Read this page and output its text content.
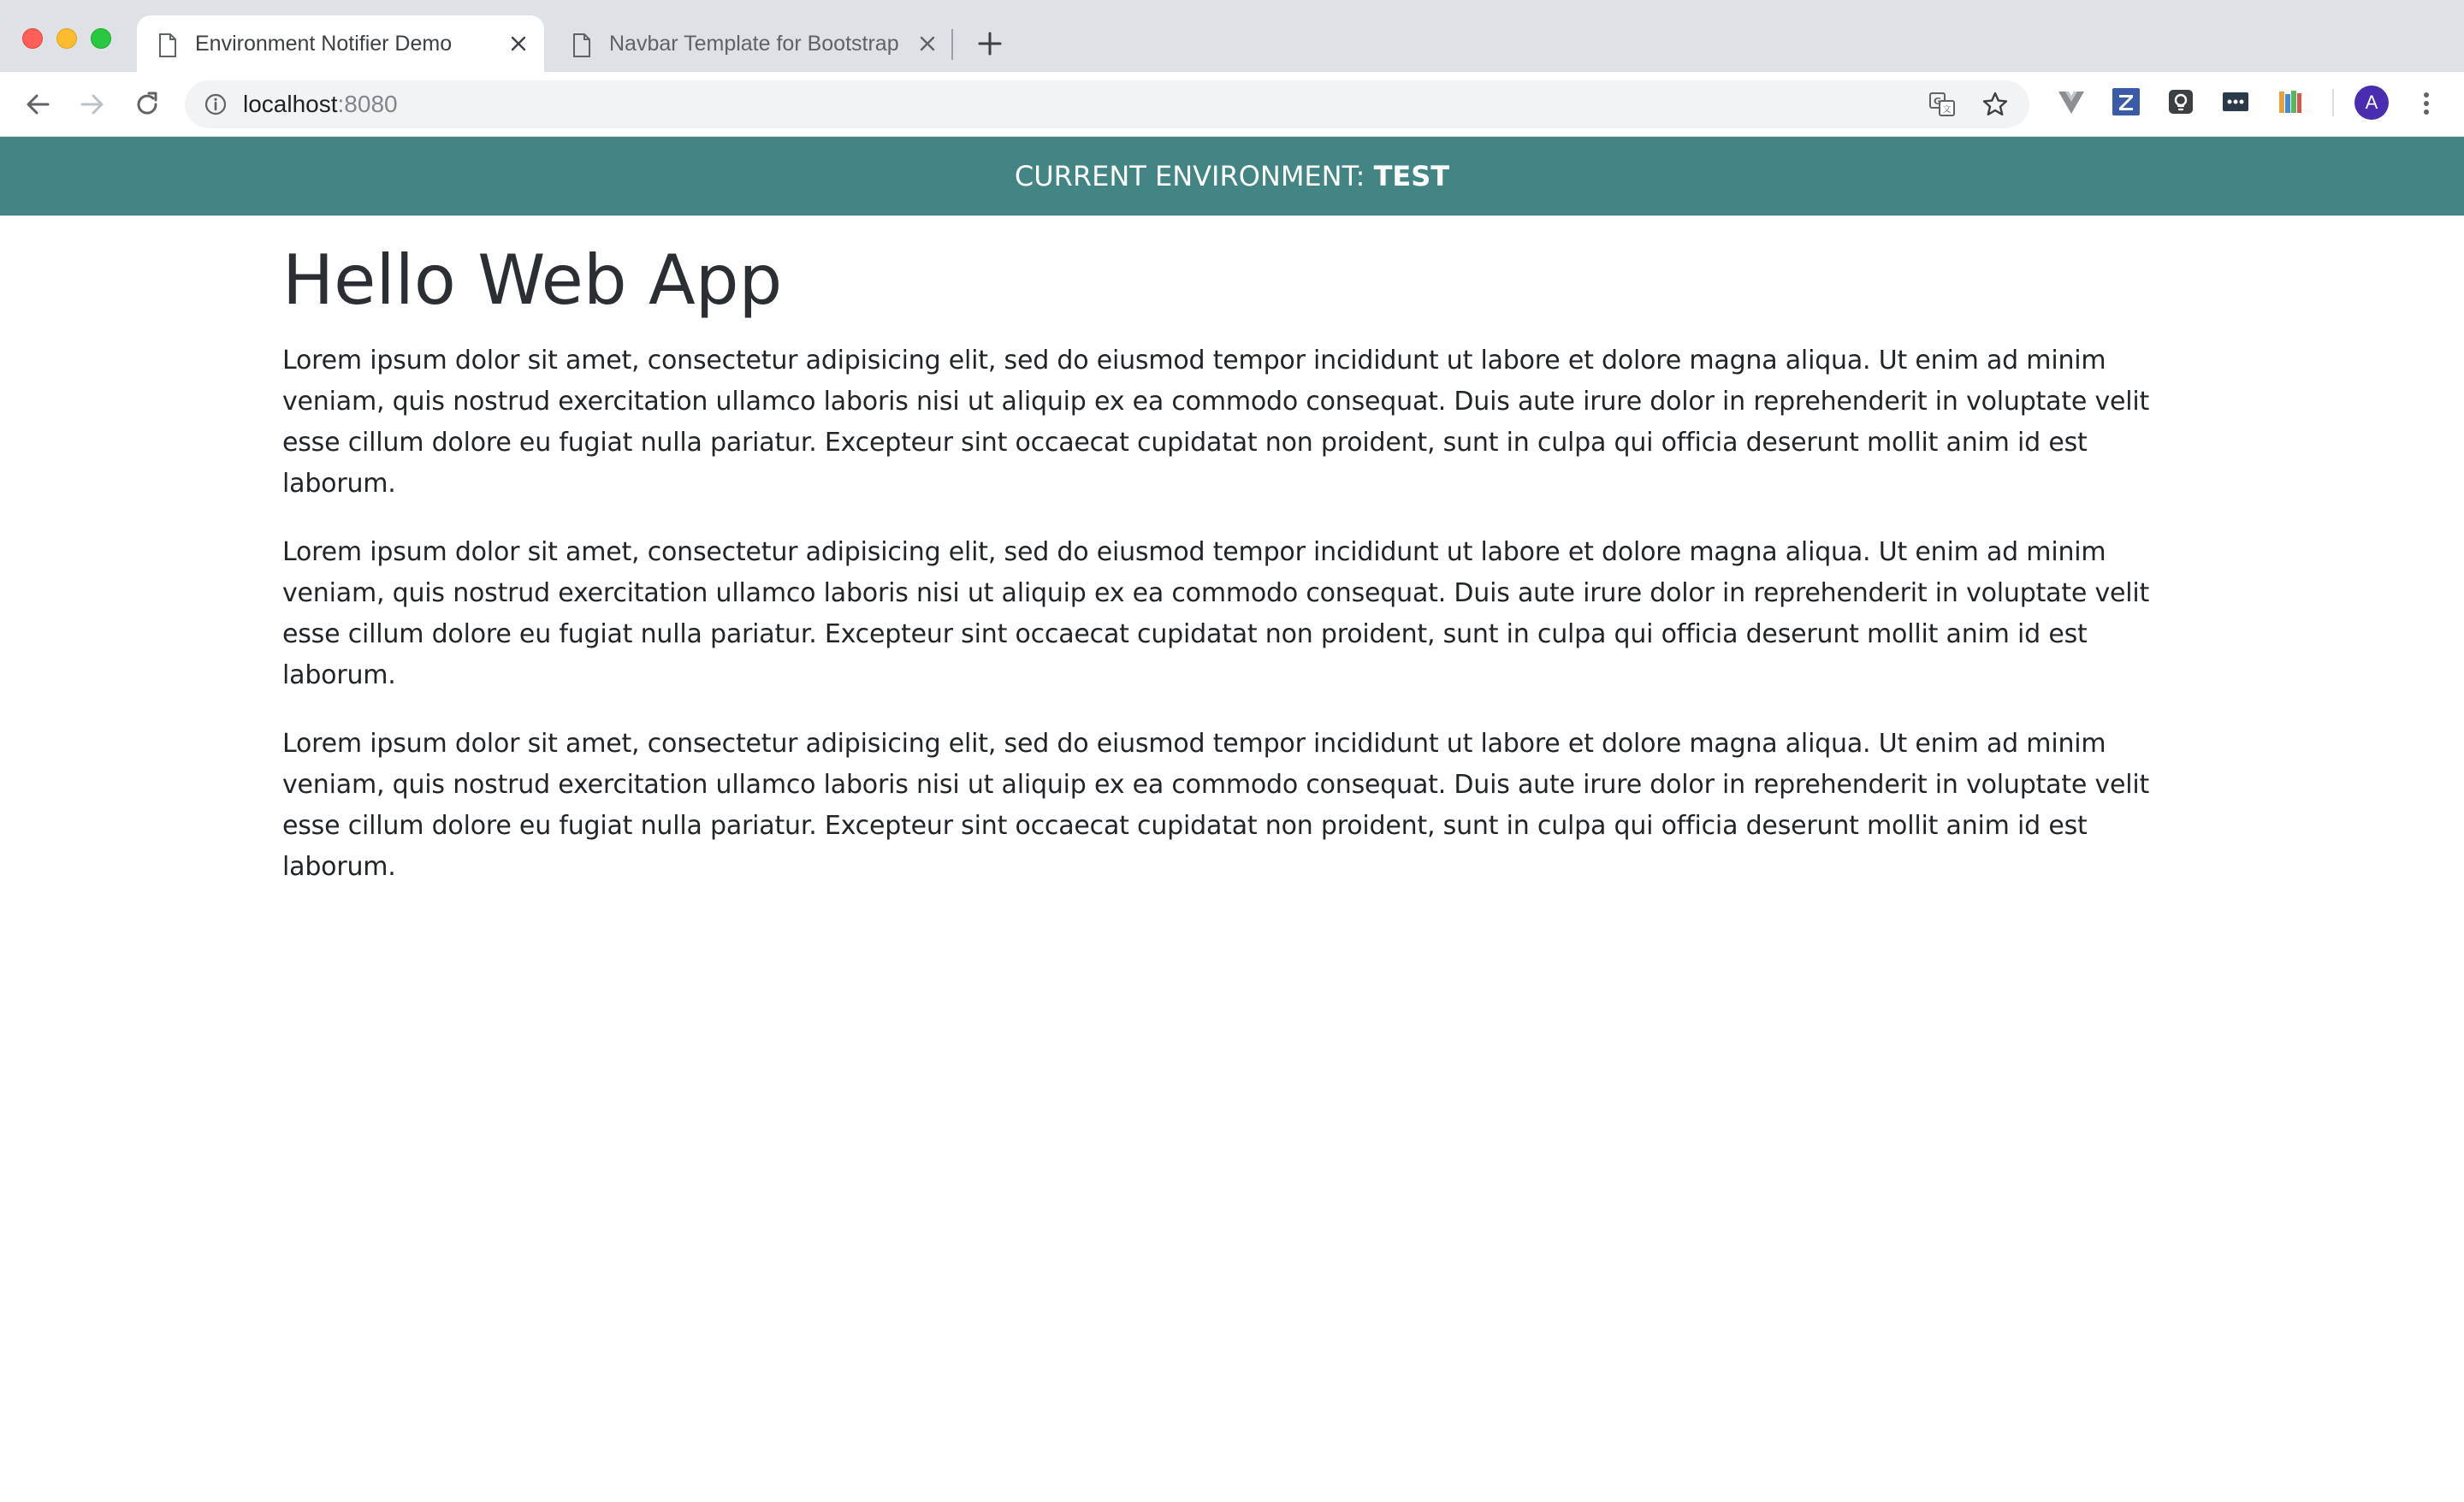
Environment Notifier Demo	Navbar Template for Bootstrap
localhost:8080	G
文	A
CURRENT ENVIRONMENT: TEST
Hello Web App

Lorem ipsum dolor sit amet, consectetur adipisicing elit, sed do eiusmod tempor incididunt ut labore et dolore magna aliqua. Ut enim ad minim veniam, quis nostrud exercitation ullamco laboris nisi ut aliquip ex ea commodo consequat. Duis aute irure dolor in reprehenderit in voluptate velit esse cillum dolore eu fugiat nulla pariatur. Excepteur sint occaecat cupidatat non proident, sunt in culpa qui officia deserunt mollit anim id est laborum.

Lorem ipsum dolor sit amet, consectetur adipisicing elit, sed do eiusmod tempor incididunt ut labore et dolore magna aliqua. Ut enim ad minim veniam, quis nostrud exercitation ullamco laboris nisi ut aliquip ex ea commodo consequat. Duis aute irure dolor in reprehenderit in voluptate velit esse cillum dolore eu fugiat nulla pariatur. Excepteur sint occaecat cupidatat non proident, sunt in culpa qui officia deserunt mollit anim id est laborum.

Lorem ipsum dolor sit amet, consectetur adipisicing elit, sed do eiusmod tempor incididunt ut labore et dolore magna aliqua. Ut enim ad minim veniam, quis nostrud exercitation ullamco laboris nisi ut aliquip ex ea commodo consequat. Duis aute irure dolor in reprehenderit in voluptate velit esse cillum dolore eu fugiat nulla pariatur. Excepteur sint occaecat cupidatat non proident, sunt in culpa qui officia deserunt mollit anim id est laborum.
